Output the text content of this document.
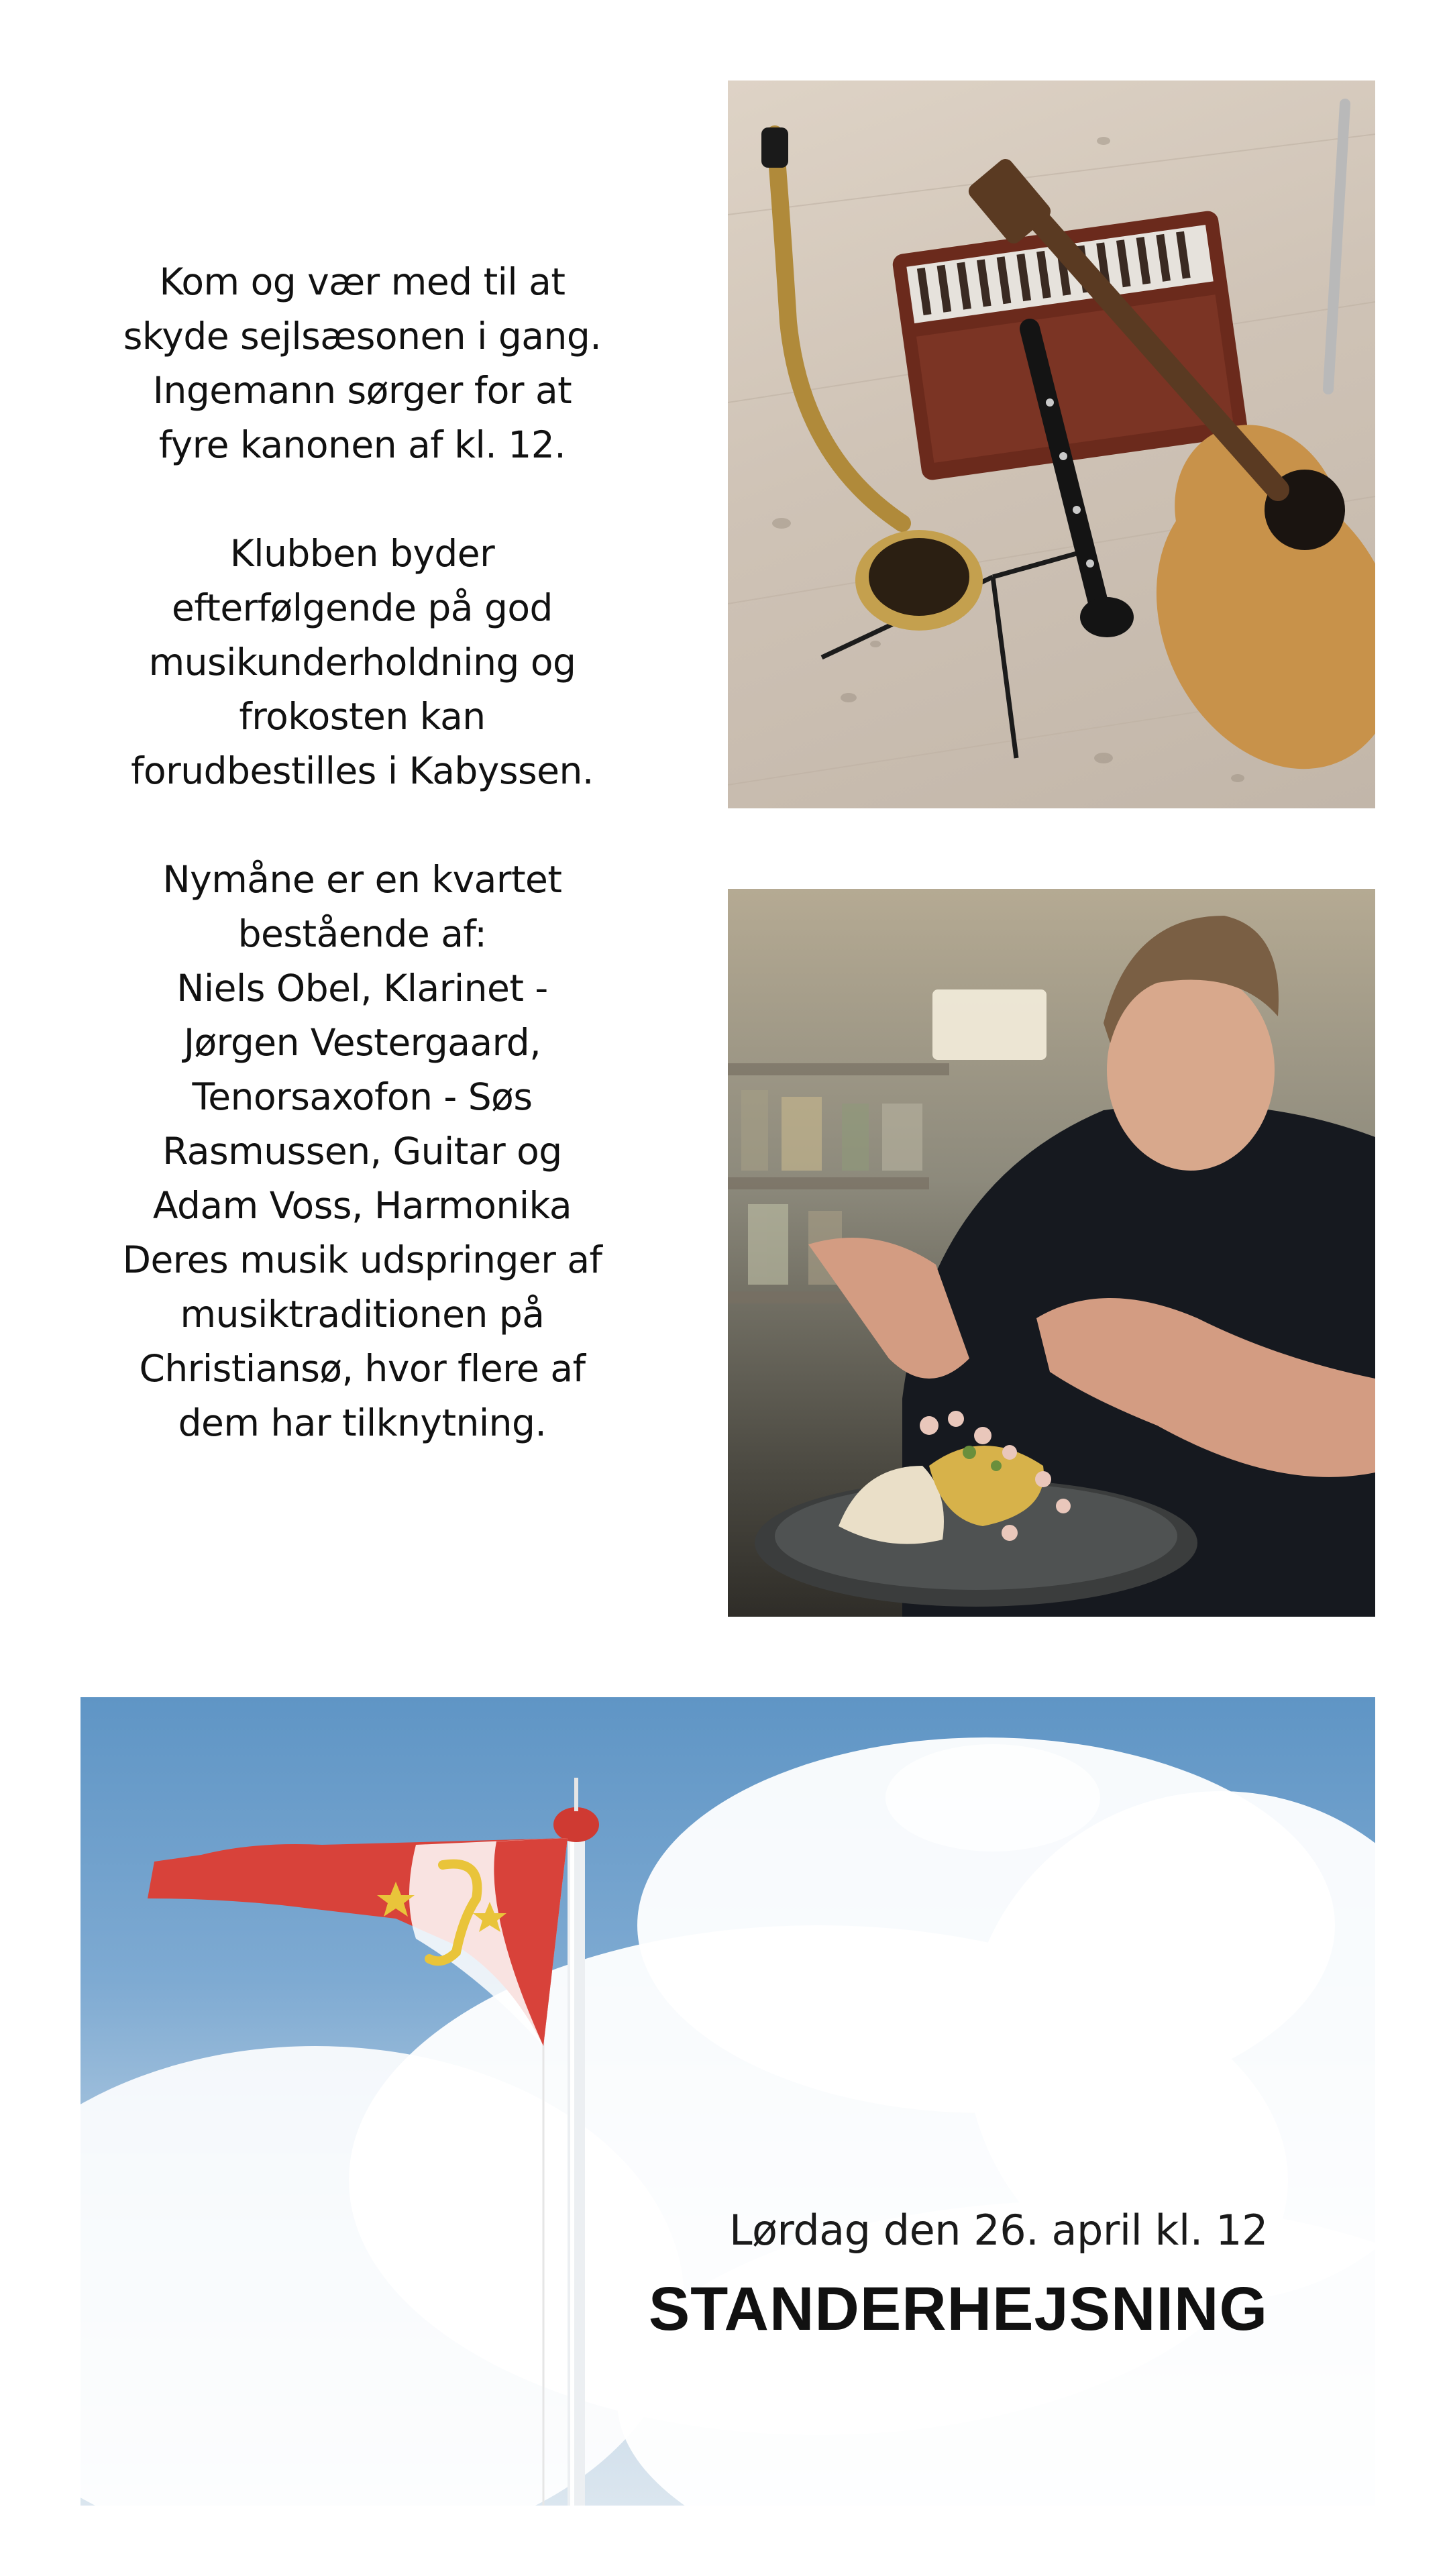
Kom og vær med til at
skyde sejlsæsonen i gang.
Ingemann sørger for at
fyre kanonen af kl. 12.

Klubben byder
efterfølgende på god
musikunderholdning og
frokosten kan
forudbestilles i Kabyssen.

Nymåne er en kvartet
bestående af:
Niels Obel, Klarinet -
Jørgen Vestergaard,
Tenorsaxofon - Søs
Rasmussen, Guitar og
Adam Voss, Harmonika
Deres musik udspringer af
musiktraditionen på
Christiansø, hvor flere af
dem har tilknytning.

Lørdag den 26. april kl. 12
STANDERHEJSNING
